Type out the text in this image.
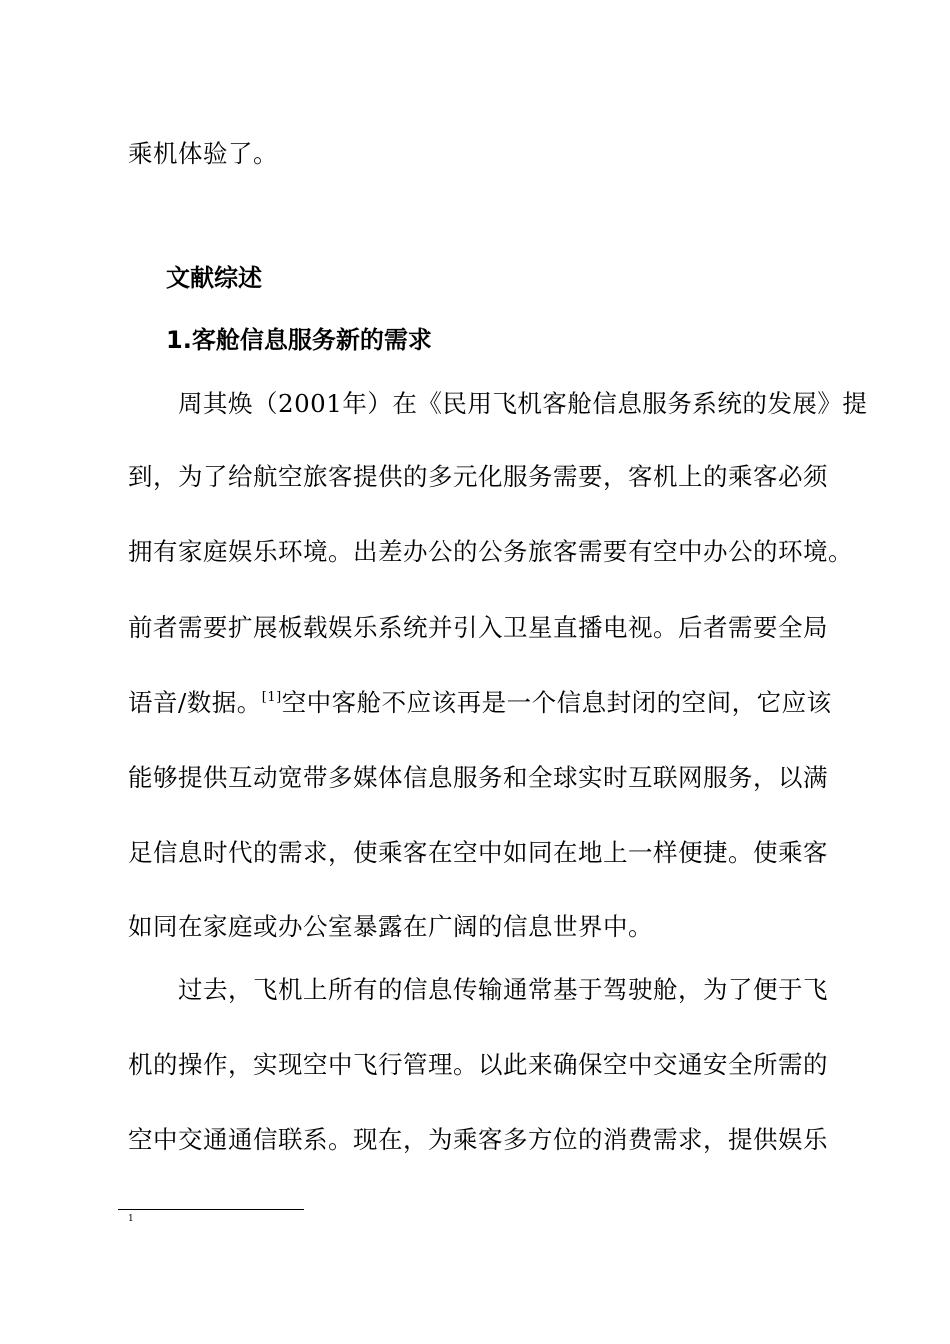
乘机体验了。
文献综述
1.客舱信息服务新的需求
周其焕（2001年）在《民用飞机客舱信息服务系统的发展》提
到，为了给航空旅客提供的多元化服务需要，客机上的乘客必须
拥有家庭娱乐环境。出差办公的公务旅客需要有空中办公的环境。
前者需要扩展板载娱乐系统并引入卫星直播电视。后者需要全局
语音/数据。[1]空中客舱不应该再是一个信息封闭的空间，它应该
能够提供互动宽带多媒体信息服务和全球实时互联网服务，以满
足信息时代的需求，使乘客在空中如同在地上一样便捷。使乘客
如同在家庭或办公室暴露在广阔的信息世界中。
过去，飞机上所有的信息传输通常基于驾驶舱，为了便于飞
机的操作，实现空中飞行管理。以此来确保空中交通安全所需的
空中交通通信联系。现在，为乘客多方位的消费需求，提供娱乐
1
